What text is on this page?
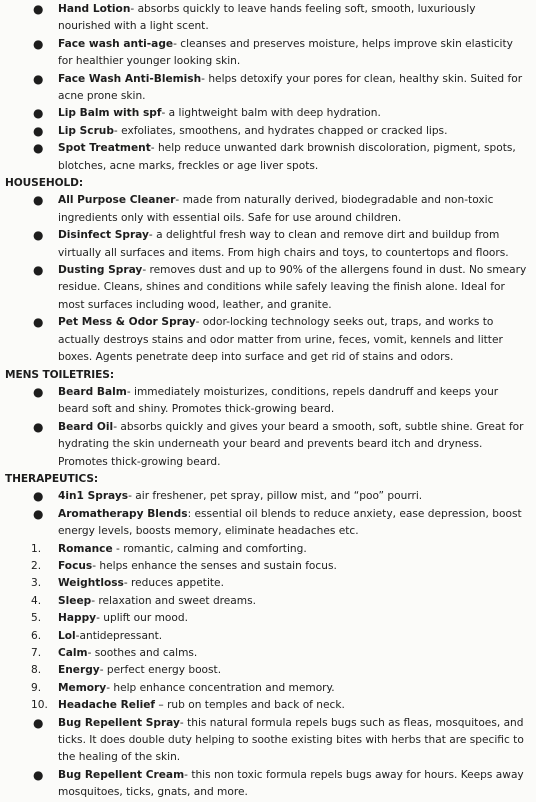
● Hand Lotion- absorbs quickly to leave hands feeling soft, smooth, luxuriously nourished with a light scent.
● Face wash anti-age- cleanses and preserves moisture, helps improve skin elasticity for healthier younger looking skin.
● Face Wash Anti-Blemish- helps detoxify your pores for clean, healthy skin. Suited for acne prone skin.
● Lip Balm with spf- a lightweight balm with deep hydration.
● Lip Scrub- exfoliates, smoothens, and hydrates chapped or cracked lips.
● Spot Treatment- help reduce unwanted dark brownish discoloration, pigment, spots, blotches, acne marks, freckles or age liver spots.
HOUSEHOLD:
● All Purpose Cleaner- made from naturally derived, biodegradable and non-toxic ingredients only with essential oils. Safe for use around children.
● Disinfect Spray- a delightful fresh way to clean and remove dirt and buildup from virtually all surfaces and items. From high chairs and toys, to countertops and floors.
● Dusting Spray- removes dust and up to 90% of the allergens found in dust. No smeary residue. Cleans, shines and conditions while safely leaving the finish alone. Ideal for most surfaces including wood, leather, and granite.
● Pet Mess & Odor Spray- odor-locking technology seeks out, traps, and works to actually destroys stains and odor matter from urine, feces, vomit, kennels and litter boxes. Agents penetrate deep into surface and get rid of stains and odors.
MENS TOILETRIES:
● Beard Balm- immediately moisturizes, conditions, repels dandruff and keeps your beard soft and shiny. Promotes thick-growing beard.
● Beard Oil- absorbs quickly and gives your beard a smooth, soft, subtle shine. Great for hydrating the skin underneath your beard and prevents beard itch and dryness. Promotes thick-growing beard.
THERAPEUTICS:
● 4in1 Sprays- air freshener, pet spray, pillow mist, and “poo” pourri.
● Aromatherapy Blends: essential oil blends to reduce anxiety, ease depression, boost energy levels, boosts memory, eliminate headaches etc.
1. Romance - romantic, calming and comforting.
2. Focus- helps enhance the senses and sustain focus.
3. Weightloss- reduces appetite.
4. Sleep- relaxation and sweet dreams.
5. Happy- uplift our mood.
6. Lol-antidepressant.
7. Calm- soothes and calms.
8. Energy- perfect energy boost.
9. Memory- help enhance concentration and memory.
10. Headache Relief – rub on temples and back of neck.
● Bug Repellent Spray- this natural formula repels bugs such as fleas, mosquitoes, and ticks. It does double duty helping to soothe existing bites with herbs that are specific to the healing of the skin.
● Bug Repellent Cream- this non toxic formula repels bugs away for hours. Keeps away mosquitoes, ticks, gnats, and more.
